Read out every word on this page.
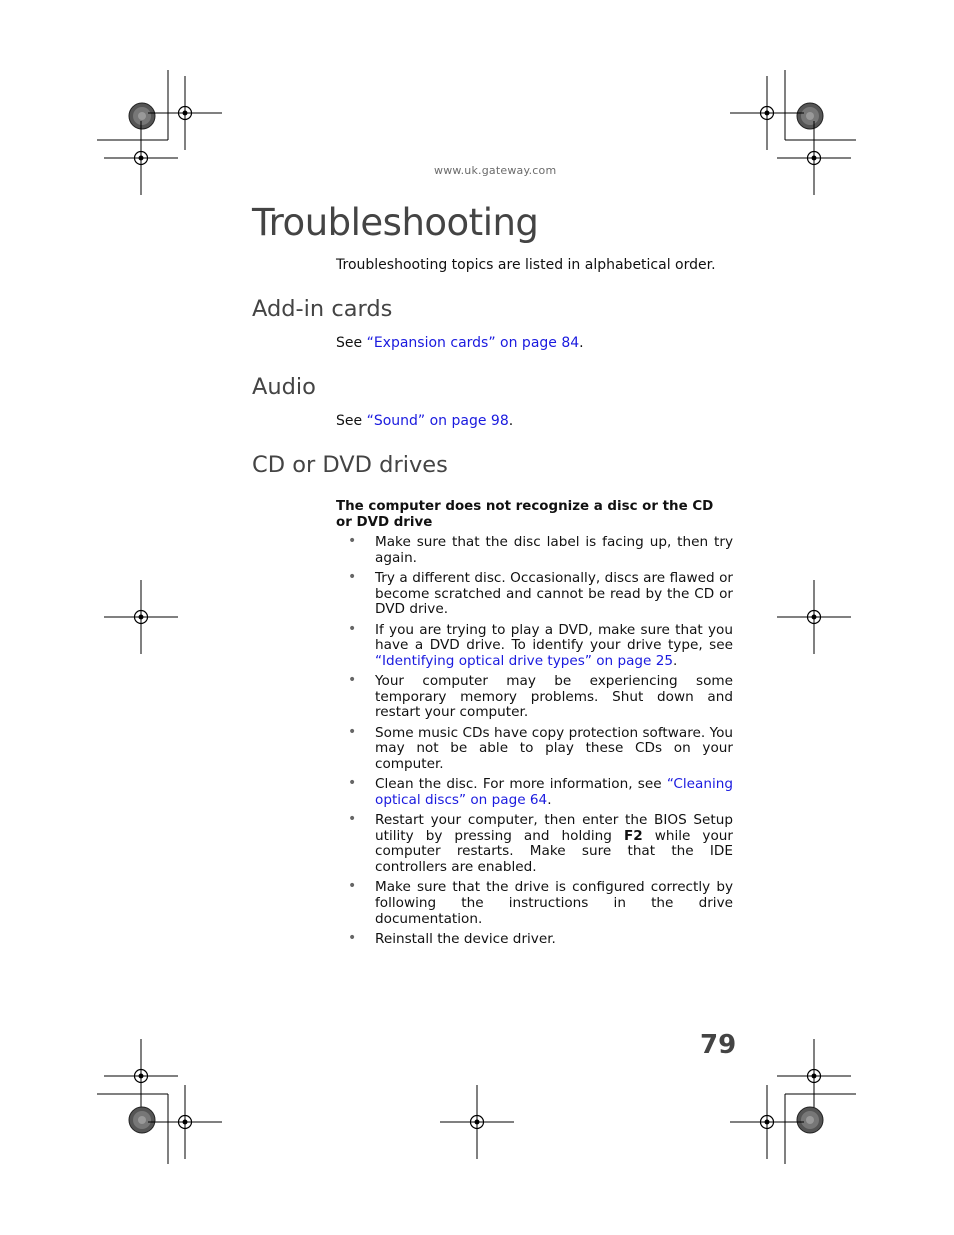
www.uk.gateway.com
Troubleshooting

Troubleshooting topics are listed in alphabetical order.

Add-in cards

See “Expansion cards” on page 84.

Audio

See “Sound” on page 98.

CD or DVD drives
The computer does not recognize a disc or the CD or DVD drive
• Make sure that the disc label is facing up, then try again.
• Try a different disc. Occasionally, discs are flawed or become scratched and cannot be read by the CD or DVD drive.
• If you are trying to play a DVD, make sure that you have a DVD drive. To identify your drive type, see “Identifying optical drive types” on page 25.
• Your computer may be experiencing some temporary memory problems. Shut down and restart your computer.
• Some music CDs have copy protection software. You may not be able to play these CDs on your computer.
• Clean the disc. For more information, see “Cleaning optical discs” on page 64.
• Restart your computer, then enter the BIOS Setup utility by pressing and holding F2 while your computer restarts. Make sure that the IDE controllers are enabled.
• Make sure that the drive is configured correctly by following the instructions in the drive documentation.
• Reinstall the device driver.
79
